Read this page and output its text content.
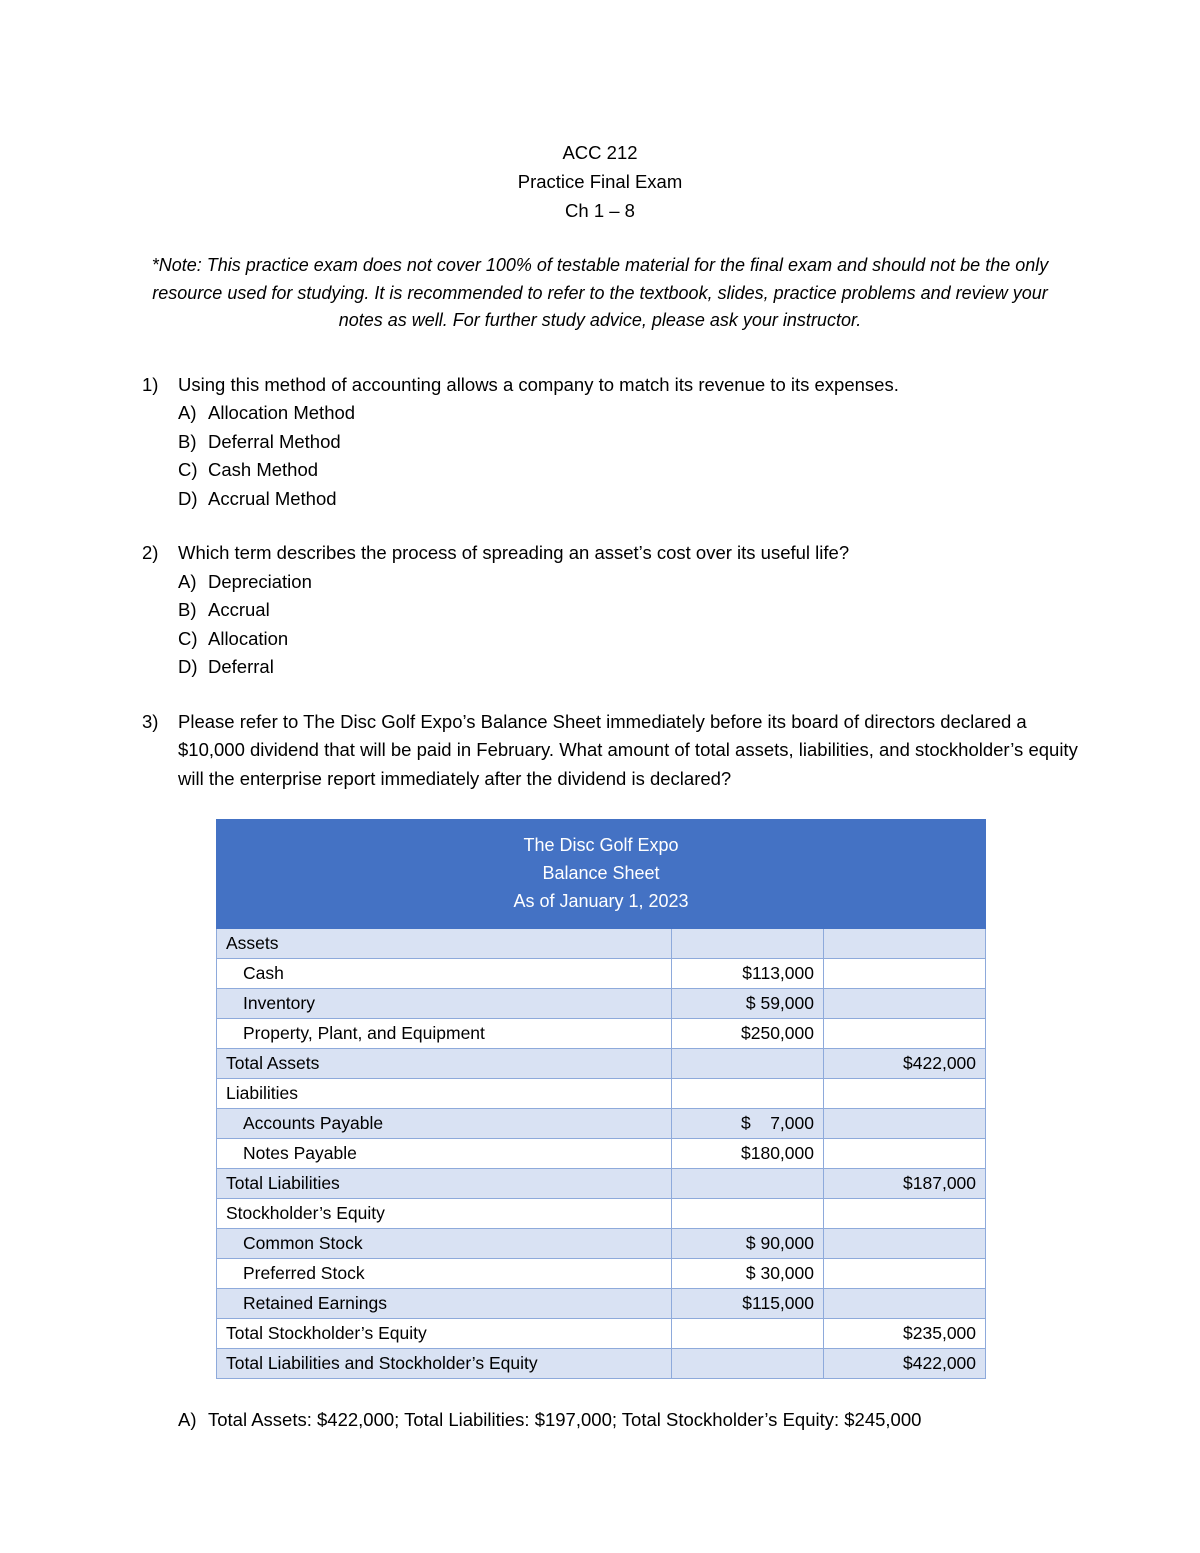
ACC 212
Practice Final Exam
Ch 1 – 8
*Note: This practice exam does not cover 100% of testable material for the final exam and should not be the only resource used for studying. It is recommended to refer to the textbook, slides, practice problems and review your notes as well. For further study advice, please ask your instructor.
1)	Using this method of accounting allows a company to match its revenue to its expenses.
A) Allocation Method
B) Deferral Method
C) Cash Method
D) Accrual Method
2)	Which term describes the process of spreading an asset’s cost over its useful life?
A) Depreciation
B) Accrual
C) Allocation
D) Deferral
3)	Please refer to The Disc Golf Expo’s Balance Sheet immediately before its board of directors declared a $10,000 dividend that will be paid in February. What amount of total assets, liabilities, and stockholder’s equity will the enterprise report immediately after the dividend is declared?
The Disc Golf Expo
Balance Sheet
As of January 1, 2023		

Assets		
Cash	$113,000	
Inventory	$ 59,000	
Property, Plant, and Equipment	$250,000	
Total Assets		$422,000
Liabilities		
Accounts Payable	$    7,000	
Notes Payable	$180,000	
Total Liabilities		$187,000
Stockholder’s Equity		
Common Stock	$ 90,000	
Preferred Stock	$ 30,000	
Retained Earnings	$115,000	
Total Stockholder’s Equity		$235,000
Total Liabilities and Stockholder’s Equity		$422,000
A) Total Assets: $422,000; Total Liabilities: $197,000; Total Stockholder’s Equity: $245,000
